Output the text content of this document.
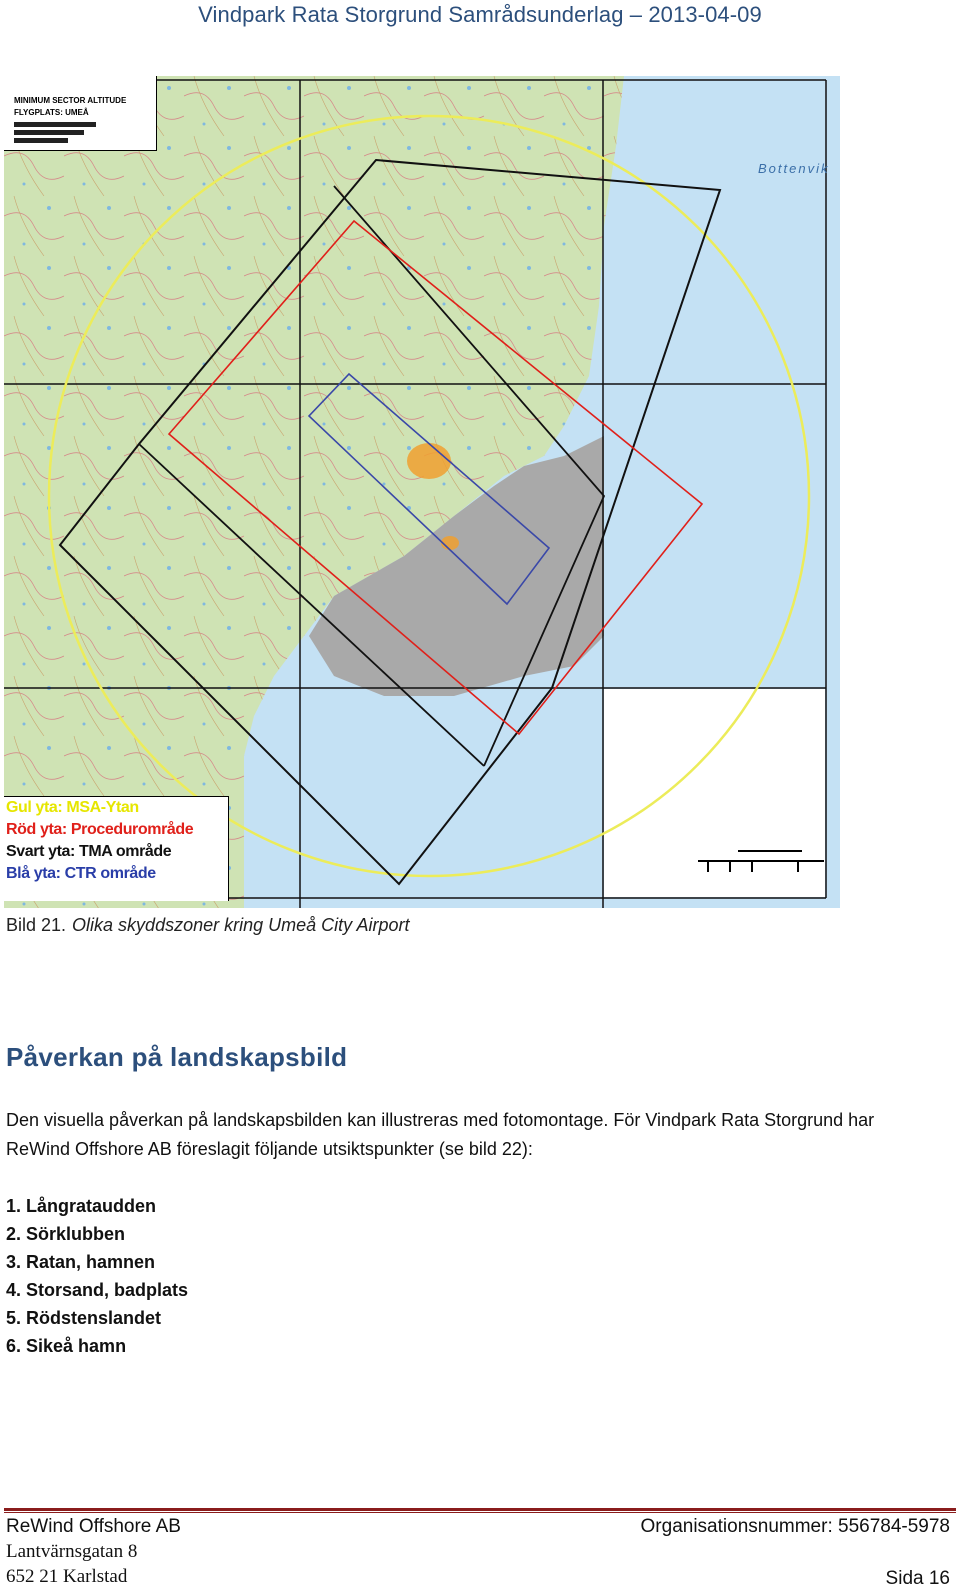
Vindpark Rata Storgrund Samrådsunderlag – 2013-04-09
MINIMUM SECTOR ALTITUDE
FLYGPLATS: UMEÅ
Bottenvik
Gul yta: MSA-Ytan
Röd yta: Procedurområde
Svart yta: TMA område
Blå yta: CTR område
Bild 21. Olika skyddszoner kring Umeå City Airport
Påverkan på landskapsbild

Den visuella påverkan på landskapsbilden kan illustreras med fotomontage. För Vindpark Rata Storgrund har ReWind Offshore AB föreslagit följande utsiktspunkter (se bild 22):

1. Långrataudden
2. Sörklubben
3. Ratan, hamnen
4. Storsand, badplats
5. Rödstenslandet
6. Sikeå hamn
ReWind Offshore AB	Organisationsnummer: 556784-5978
Lantvärnsgatan 8
652 21 Karlstad	Sida 16
